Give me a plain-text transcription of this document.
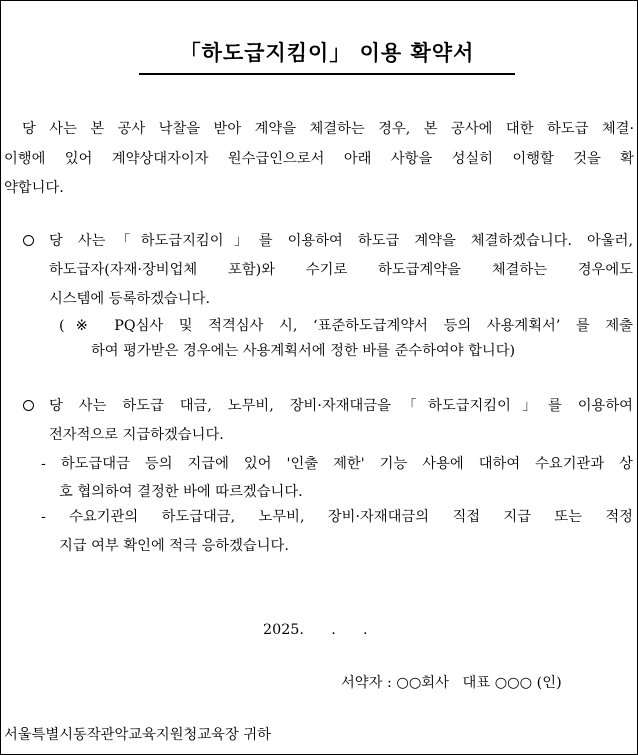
「하도급지킴이」 이용 확약서
당 사는 본 공사 낙찰을 받아 계약을 체결하는 경우, 본 공사에 대한 하도급 체결·
이행에 있어 계약상대자이자 원수급인으로서 아래 사항을 성실히 이행할 것을 확
약합니다.
당 사는「하도급지킴이」를 이용하여 하도급 계약을 체결하겠습니다. 아울러,
하도급자(자재·장비업체 포함)와 수기로 하도급계약을 체결하는 경우에도
시스템에 등록하겠습니다.
(※ PQ심사 및 적격심사 시, ‘표준하도급계약서 등의 사용계획서’ 를 제출
하여 평가받은 경우에는 사용계획서에 정한 바를 준수하여야 합니다)
당 사는 하도급 대금, 노무비, 장비·자재대금을「하도급지킴이」를 이용하여
전자적으로 지급하겠습니다.
- 하도급대금 등의 지급에 있어 '인출 제한' 기능 사용에 대하여 수요기관과 상
호 협의하여 결정한 바에 따르겠습니다.
- 수요기관의 하도급대금, 노무비, 장비·자재대금의 직접 지급 또는 적정
지급 여부 확인에 적극 응하겠습니다.
2025.      .      .
서약자 : ○○회사   대표 ○○○ (인)
서울특별시동작관악교육지원청교육장 귀하
